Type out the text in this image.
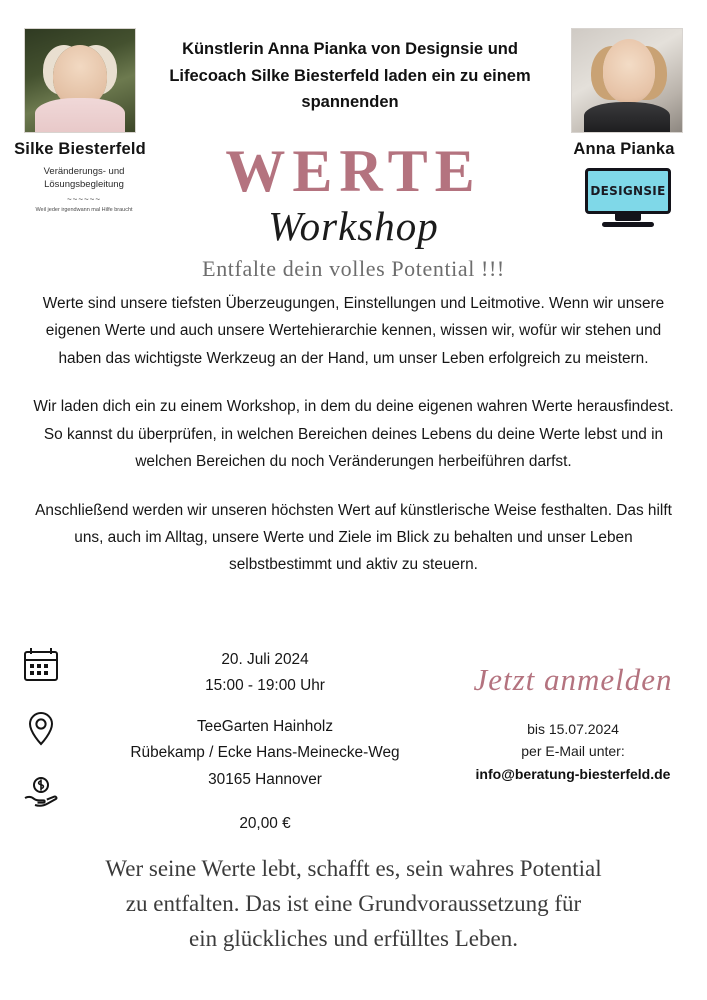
Künstlerin Anna Pianka von Designsie und Lifecoach Silke Biesterfeld laden ein zu einem spannenden
Silke Biesterfeld	Anna Pianka
Veränderungs- und
Lösungsbegleitung
~~~~~~
Weil jeder irgendwann mal Hilfe braucht
DESIGNSIE
WERTE
Workshop
Entfalte dein volles Potential !!!

Werte sind unsere tiefsten Überzeugungen, Einstellungen und Leitmotive. Wenn wir unsere eigenen Werte und auch unsere Wertehierarchie kennen, wissen wir, wofür wir stehen und haben das wichtigste Werkzeug an der Hand, um unser Leben erfolgreich zu meistern.

Wir laden dich ein zu einem Workshop, in dem du deine eigenen wahren Werte herausfindest. So kannst du überprüfen, in welchen Bereichen deines Lebens du deine Werte lebst und in welchen Bereichen du noch Veränderungen herbeiführen darfst.

Anschließend werden wir unseren höchsten Wert auf künstlerische Weise festhalten. Das hilft uns, auch im Alltag, unsere Werte und Ziele im Blick zu behalten und unser Leben selbstbestimmt und aktiv zu steuern.

20. Juli 2024
15:00 - 19:00 Uhr
TeeGarten Hainholz
Rübekamp / Ecke Hans-Meinecke-Weg
30165 Hannover
20,00 €
Jetzt anmelden
bis 15.07.2024
per E-Mail unter:
info@beratung-biesterfeld.de
Wer seine Werte lebt, schafft es, sein wahres Potential
zu entfalten. Das ist eine Grundvoraussetzung für
ein glückliches und erfülltes Leben.
